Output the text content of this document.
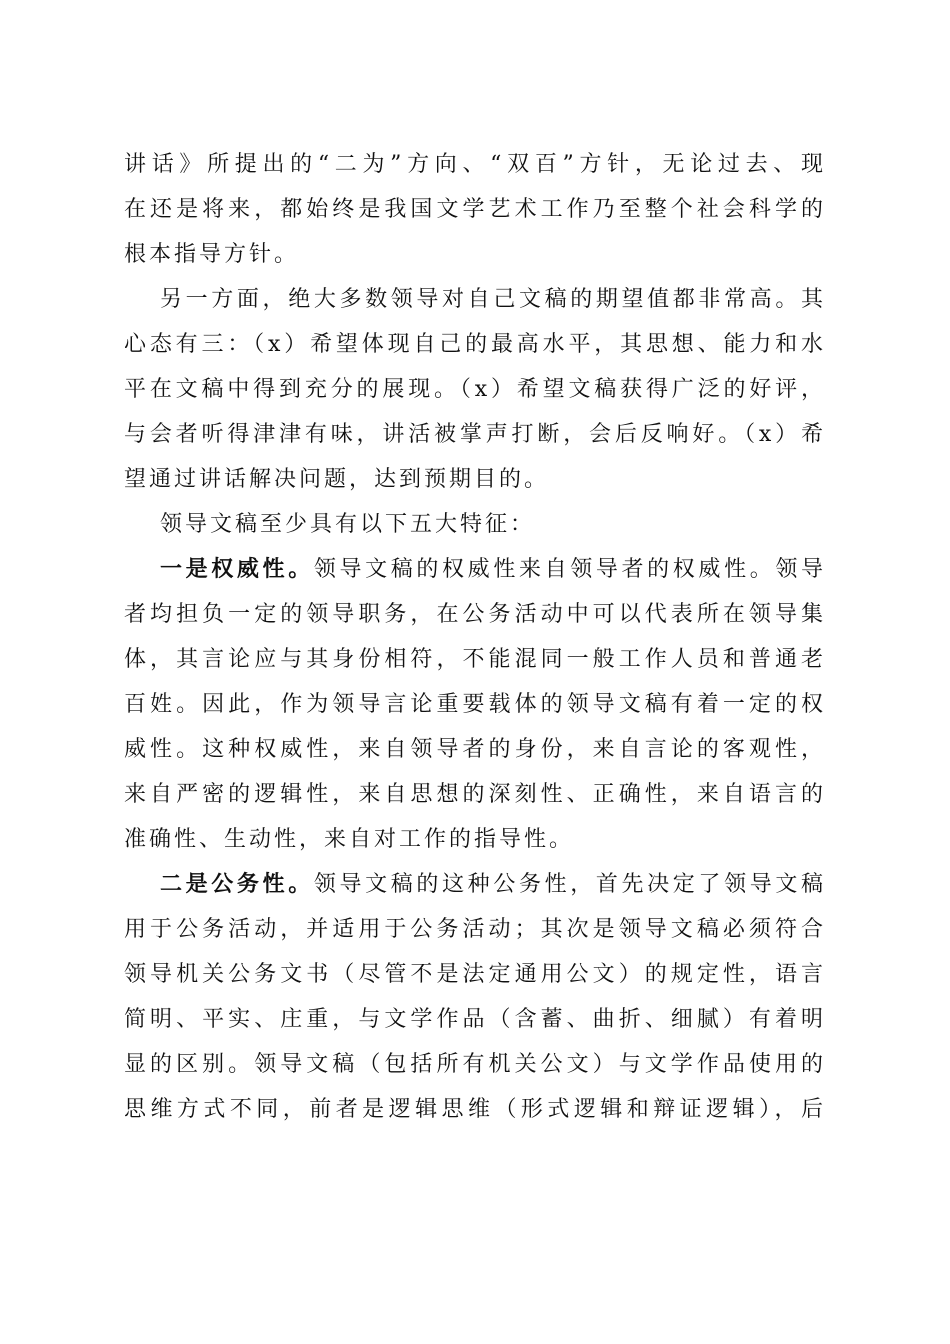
讲话》所提出的“二为”方向、“双百”方针，无论过去、现
在还是将来，都始终是我国文学艺术工作乃至整个社会科学的
根本指导方针。
另一方面，绝大多数领导对自己文稿的期望值都非常高。其
心态有三：（x）希望体现自己的最高水平，其思想、能力和水
平在文稿中得到充分的展现。（x）希望文稿获得广泛的好评，
与会者听得津津有味，讲活被掌声打断，会后反响好。（x）希
望通过讲话解决问题，达到预期目的。
领导文稿至少具有以下五大特征：
一是权威性。领导文稿的权威性来自领导者的权威性。领导
者均担负一定的领导职务，在公务活动中可以代表所在领导集
体，其言论应与其身份相符，不能混同一般工作人员和普通老
百姓。因此，作为领导言论重要载体的领导文稿有着一定的权
威性。这种权威性，来自领导者的身份，来自言论的客观性，
来自严密的逻辑性，来自思想的深刻性、正确性，来自语言的
准确性、生动性，来自对工作的指导性。
二是公务性。领导文稿的这种公务性，首先决定了领导文稿
用于公务活动，并适用于公务活动；其次是领导文稿必须符合
领导机关公务文书（尽管不是法定通用公文）的规定性，语言
简明、平实、庄重，与文学作品（含蓄、曲折、细腻）有着明
显的区别。领导文稿（包括所有机关公文）与文学作品使用的
思维方式不同，前者是逻辑思维（形式逻辑和辩证逻辑），后
